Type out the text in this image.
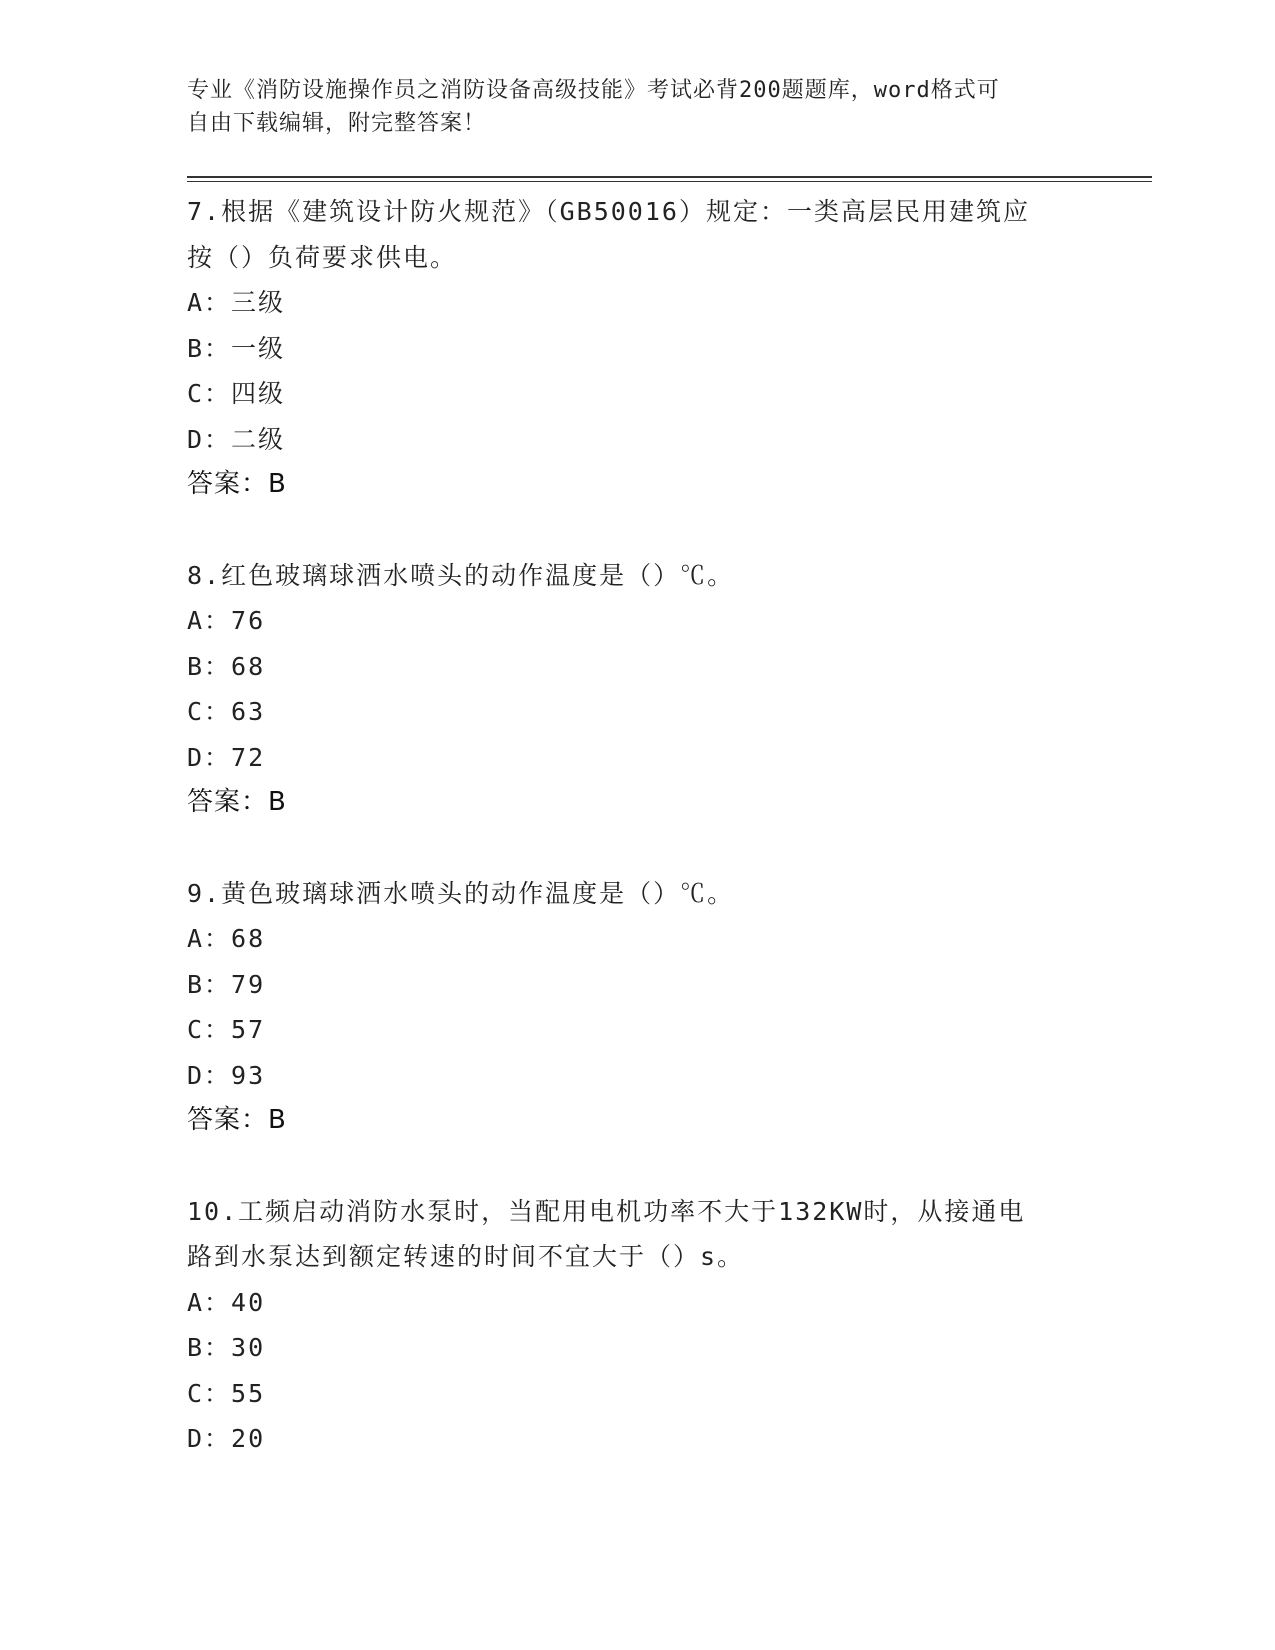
专业《消防设施操作员之消防设备高级技能》考试必背200题题库，word格式可
自由下载编辑，附完整答案！
7.根据《建筑设计防火规范》（GB50016）规定：一类高层民用建筑应
按（）负荷要求供电。
A：三级
B：一级
C：四级
D：二级
答案：B
8.红色玻璃球洒水喷头的动作温度是（）℃。
A：76
B：68
C：63
D：72
答案：B
9.黄色玻璃球洒水喷头的动作温度是（）℃。
A：68
B：79
C：57
D：93
答案：B
10.工频启动消防水泵时，当配用电机功率不大于132KW时，从接通电
路到水泵达到额定转速的时间不宜大于（）s。
A：40
B：30
C：55
D：20
